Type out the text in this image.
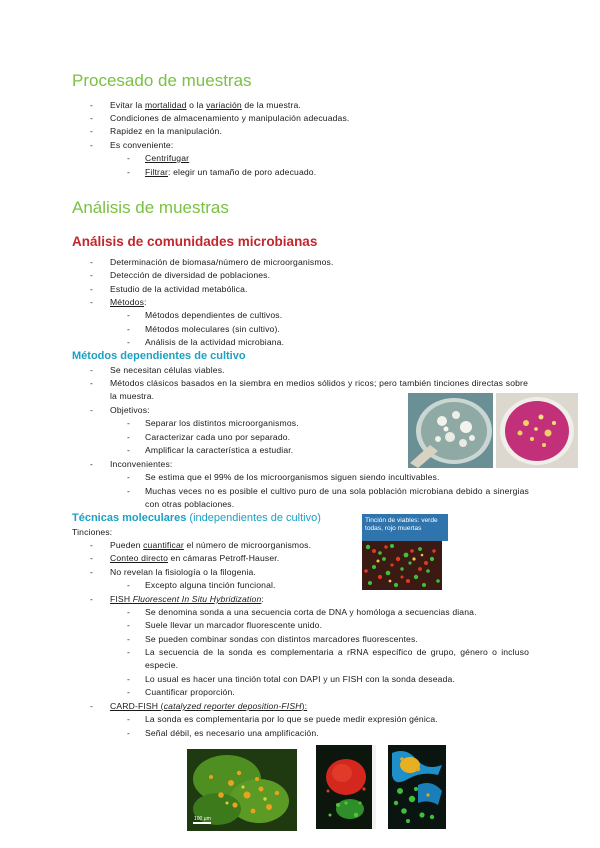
Procesado de muestras
- Evitar la mortalidad o la variación de la muestra.
- Condiciones de almacenamiento y manipulación adecuadas.
- Rapidez en la manipulación.
- Es conveniente:
- Centrifugar
- Filtrar: elegir un tamaño de poro adecuado.
Análisis de muestras
Análisis de comunidades microbianas
- Determinación de biomasa/número de microorganismos.
- Detección de diversidad de poblaciones.
- Estudio de la actividad metabólica.
- Métodos:
- Métodos dependientes de cultivos.
- Métodos moleculares (sin cultivo).
- Análisis de la actividad microbiana.
Métodos dependientes de cultivo
- Se necesitan células viables.
- Métodos clásicos basados en la siembra en medios sólidos y ricos; pero también tinciones directas sobre la muestra.
- Objetivos:
- Separar los distintos microorganismos.
- Caracterizar cada uno por separado.
- Amplificar la característica a estudiar.
- Inconvenientes:
- Se estima que el 99% de los microorganismos siguen siendo incultivables.
- Muchas veces no es posible el cultivo puro de una sola población microbiana debido a sinergias con otras poblaciones.
Técnicas moleculares (independientes de cultivo)
Tinciones:
- Pueden cuantificar el número de microorganismos.
- Conteo directo en cámaras Petroff-Hauser.
- No revelan la fisiología o la filogenia.
- Excepto alguna tinción funcional.
- FISH Fluorescent In Situ Hybridization:
- Se denomina sonda a una secuencia corta de DNA y homóloga a secuencias diana.
- Suele llevar un marcador fluorescente unido.
- Se pueden combinar sondas con distintos marcadores fluorescentes.
- La secuencia de la sonda es complementaria a rRNA específico de grupo, género o incluso especie.
- Lo usual es hacer una tinción total con DAPI y un FISH con la sonda deseada.
- Cuantificar proporción.
- CARD-FISH (catalyzed reporter deposition-FISH):
- La sonda es complementaria por lo que se puede medir expresión génica.
- Señal débil, es necesario una amplificación.
Tinción de viables: verde todas, rojo muertas
100 µm
